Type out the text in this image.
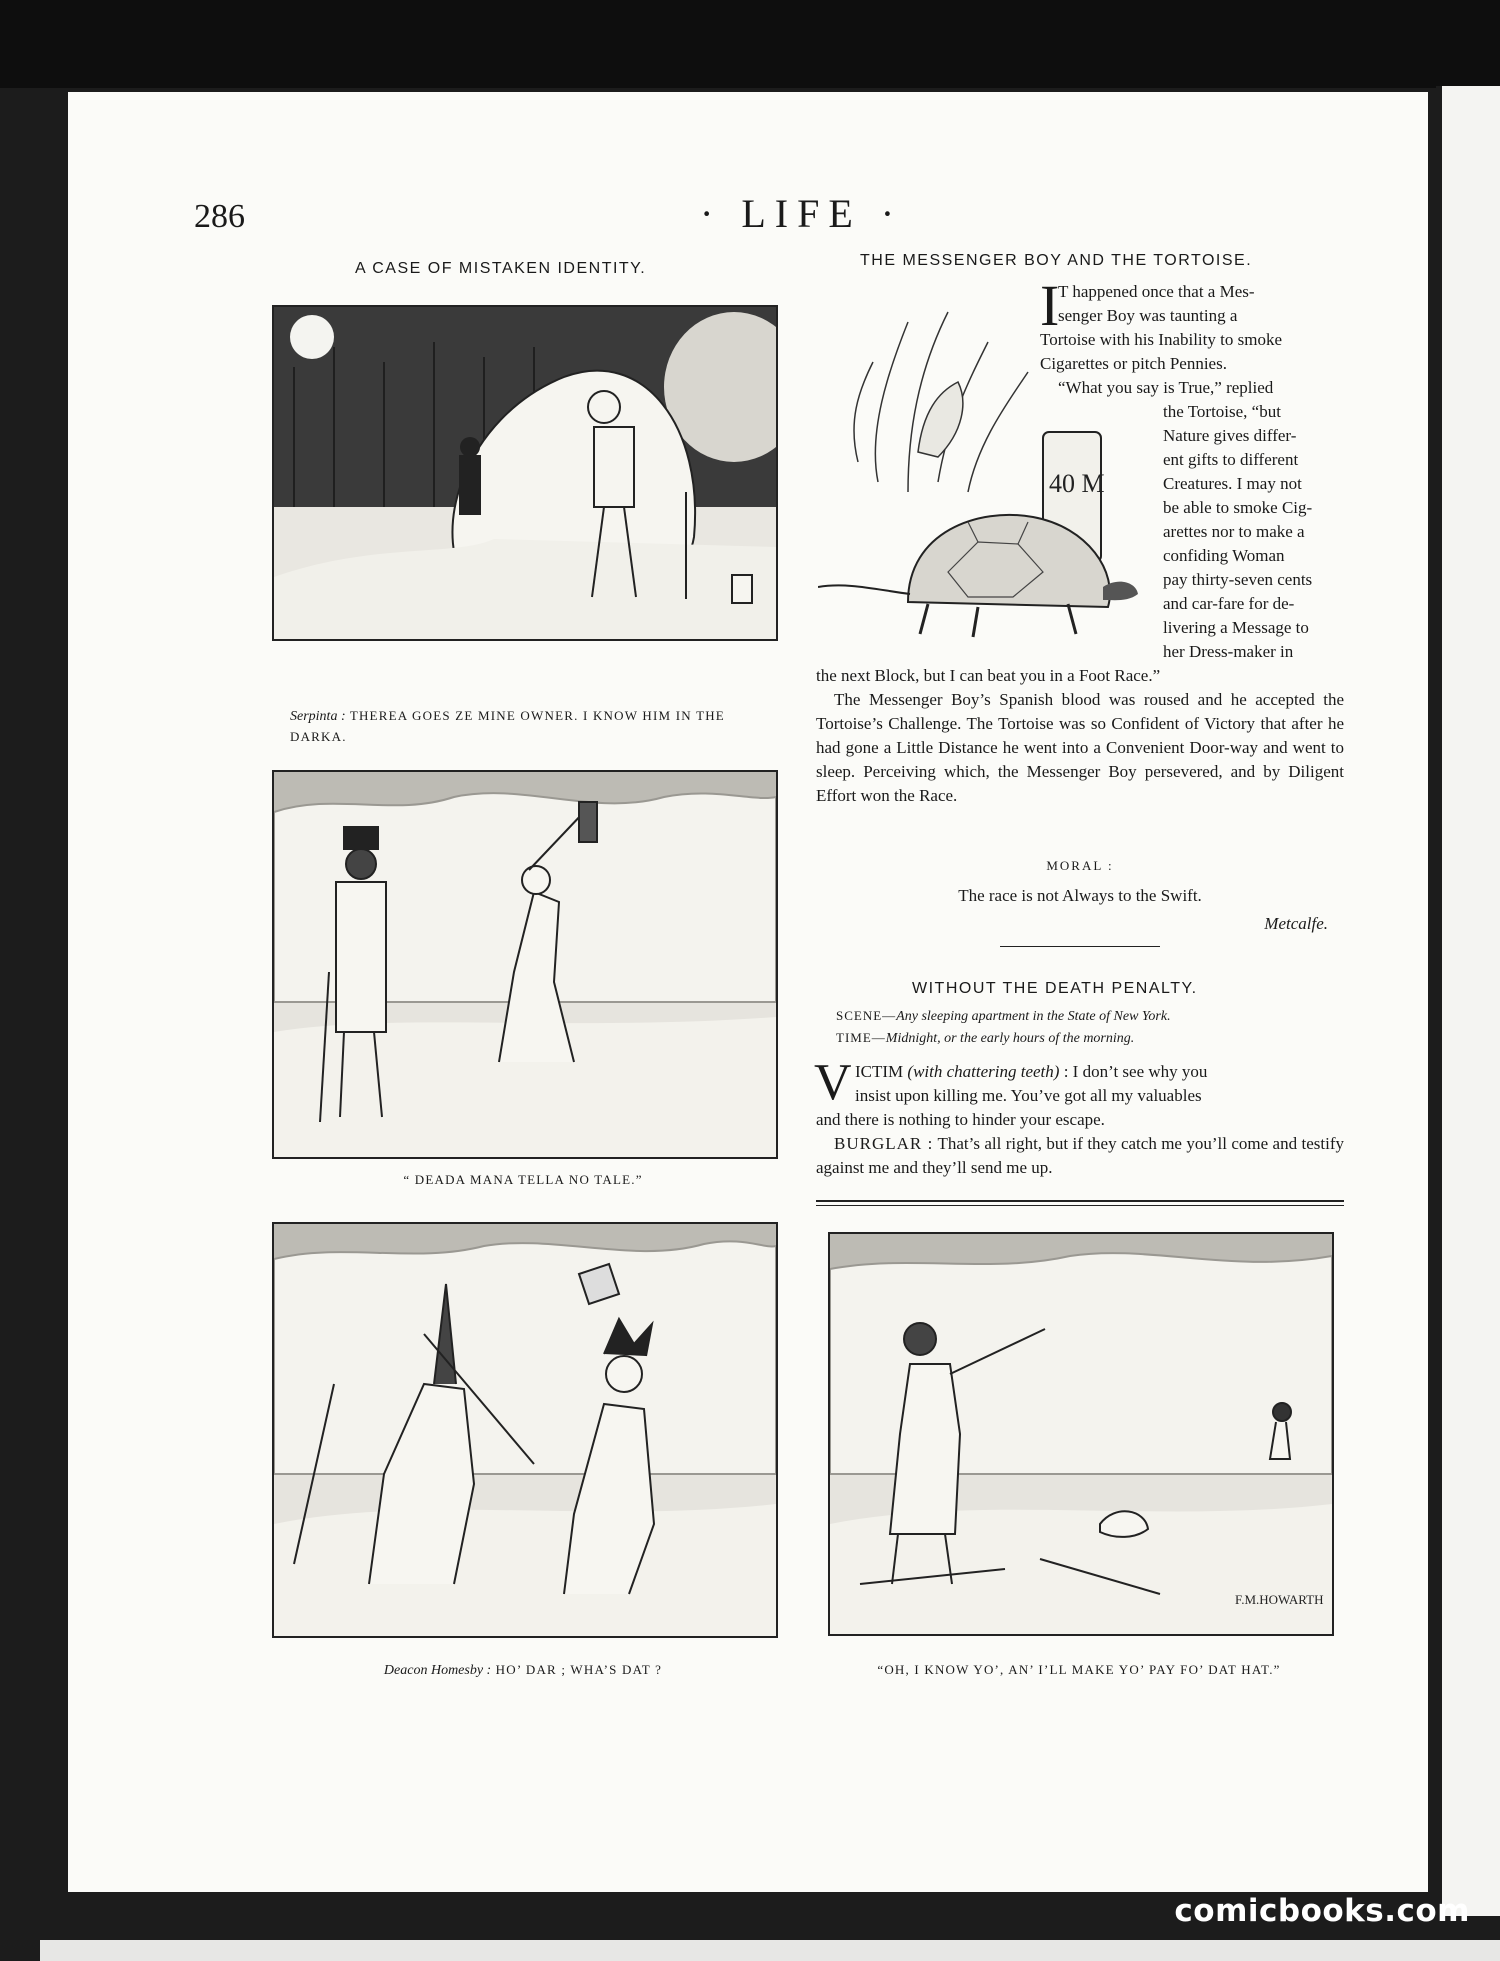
286	· LIFE ·
A CASE OF MISTAKEN IDENTITY.
Serpinta : THEREA GOES ZE MINE OWNER. I KNOW HIM IN THE DARKA.
“ DEADA MANA TELLA NO TALE.”
Deacon Homesby : HO’ DAR ; WHA’S DAT ?
THE MESSENGER BOY AND THE TORTOISE.
40 M
I
T happened once that a Mes-
senger Boy was taunting a
Tortoise with his Inability to smoke
Cigarettes or pitch Pennies.
“What you say is True,” replied
the Tortoise, “but
Nature gives differ-
ent gifts to different
Creatures. I may not
be able to smoke Cig-
arettes nor to make a
confiding Woman
pay thirty-seven cents
and car-fare for de-
livering a Message to
her Dress-maker in
the next Block, but I can beat you in a Foot Race.”

The Messenger Boy’s Spanish blood was roused and he accepted the Tortoise’s Challenge. The Tortoise was so Confident of Victory that after he had gone a Little Distance he went into a Convenient Door-way and went to sleep. Perceiving which, the Messenger Boy persevered, and by Diligent Effort won the Race.

MORAL :
The race is not Always to the Swift.
Metcalfe.
WITHOUT THE DEATH PENALTY.
SCENE—Any sleeping apartment in the State of New York.
TIME—Midnight, or the early hours of the morning.
V ICTIM (with chattering teeth) : I don’t see why you
insist upon killing me. You’ve got all my valuables
and there is nothing to hinder your escape.

BURGLAR : That’s all right, but if they catch me you’ll come and testify against me and they’ll send me up.

F.M.HOWARTH
“OH, I KNOW YO’, AN’ I’LL MAKE YO’ PAY FO’ DAT HAT.”
comicbooks.com
